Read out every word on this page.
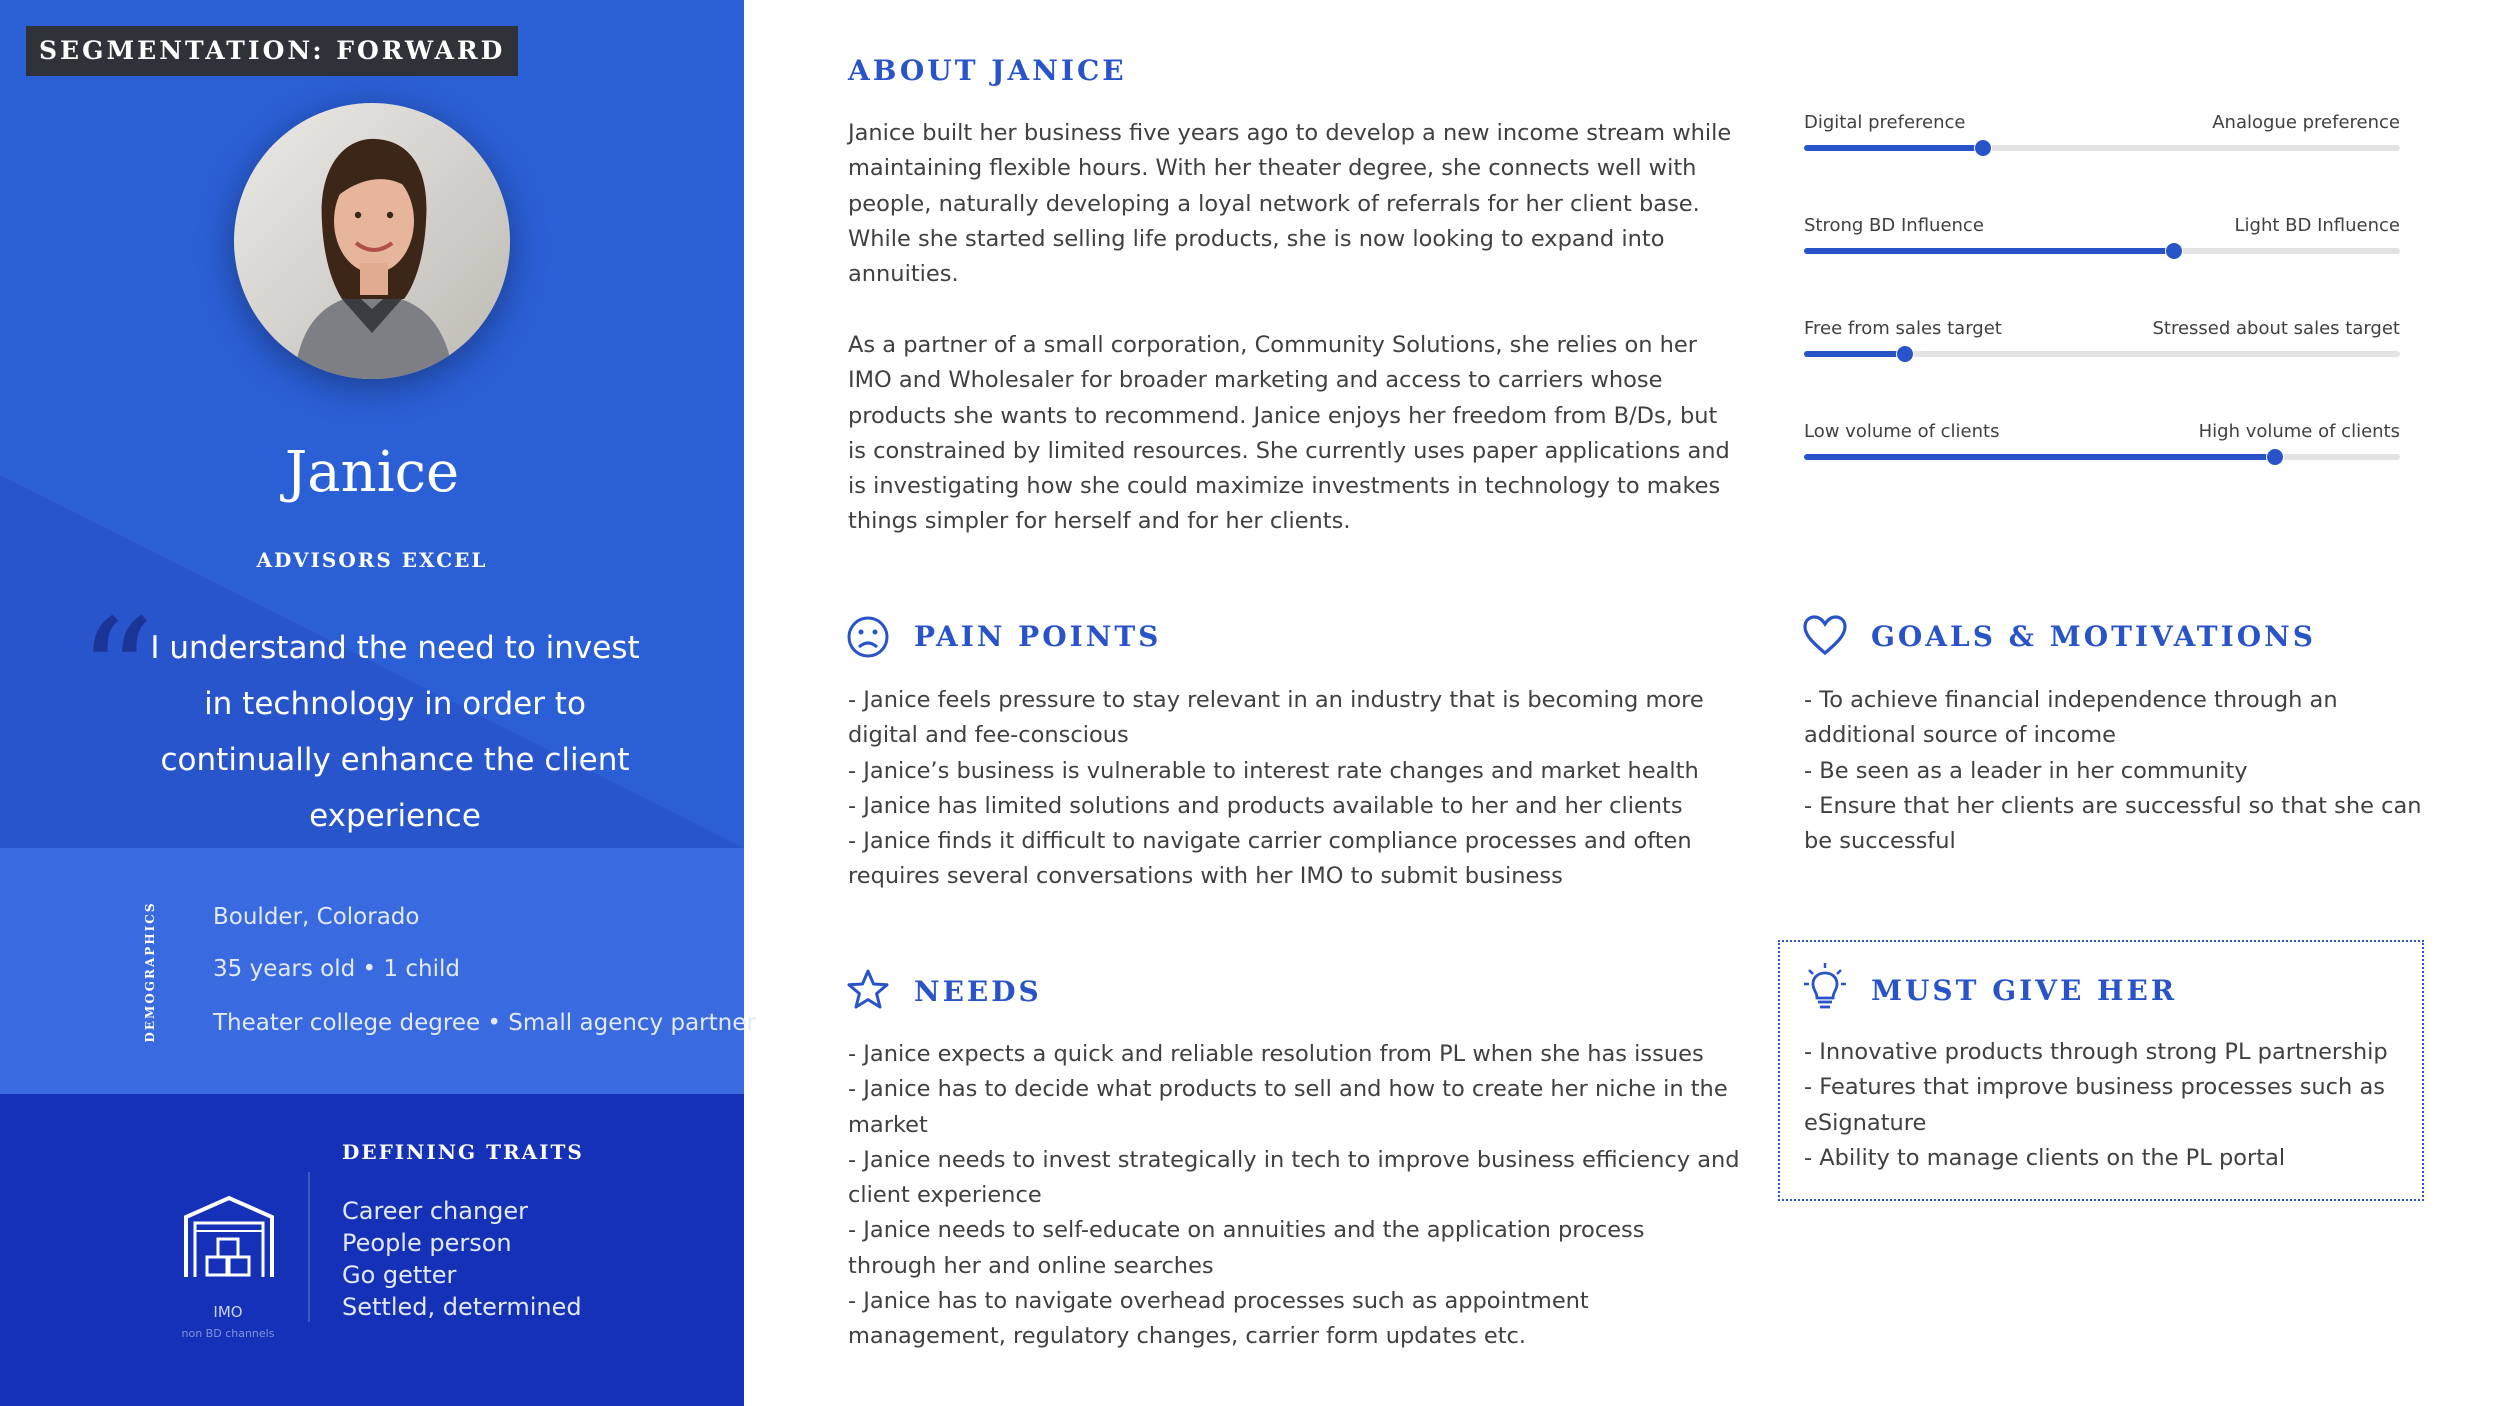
SEGMENTATION: FORWARD
Janice
ADVISORS EXCEL
“
I understand the need to invest in technology in order to continually enhance the client experience
DEMOGRAPHICS Boulder, Colorado
35 years old • 1 child
Theater college degree • Small agency partner
DEFINING TRAITS
Career changer
People person
Go getter
Settled, determined
IMO
non BD channels
ABOUT JANICE
Janice built her business five years ago to develop a new income stream while
maintaining flexible hours. With her theater degree, she connects well with
people, naturally developing a loyal network of referrals for her client base.
While she started selling life products, she is now looking to expand into
annuities.
As a partner of a small corporation, Community Solutions, she relies on her
IMO and Wholesaler for broader marketing and access to carriers whose
products she wants to recommend. Janice enjoys her freedom from B/Ds, but
is constrained by limited resources. She currently uses paper applications and
is investigating how she could maximize investments in technology to makes
things simpler for herself and for her clients.
Digital preference	Analogue preference
Strong BD Influence	Light BD Influence
Free from sales target	Stressed about sales target
Low volume of clients	High volume of clients
PAIN POINTS
- Janice feels pressure to stay relevant in an industry that is becoming more
digital and fee-conscious
- Janice’s business is vulnerable to interest rate changes and market health
- Janice has limited solutions and products available to her and her clients
- Janice finds it difficult to navigate carrier compliance processes and often
requires several conversations with her IMO to submit business
GOALS & MOTIVATIONS
- To achieve financial independence through an
additional source of income
- Be seen as a leader in her community
- Ensure that her clients are successful so that she can
be successful
NEEDS
- Janice expects a quick and reliable resolution from PL when she has issues
- Janice has to decide what products to sell and how to create her niche in the
market
- Janice needs to invest strategically in tech to improve business efficiency and
client experience
- Janice needs to self-educate on annuities and the application process
through her and online searches
- Janice has to navigate overhead processes such as appointment
management, regulatory changes, carrier form updates etc.
MUST GIVE HER
- Innovative products through strong PL partnership
- Features that improve business processes such as
eSignature
- Ability to manage clients on the PL portal
